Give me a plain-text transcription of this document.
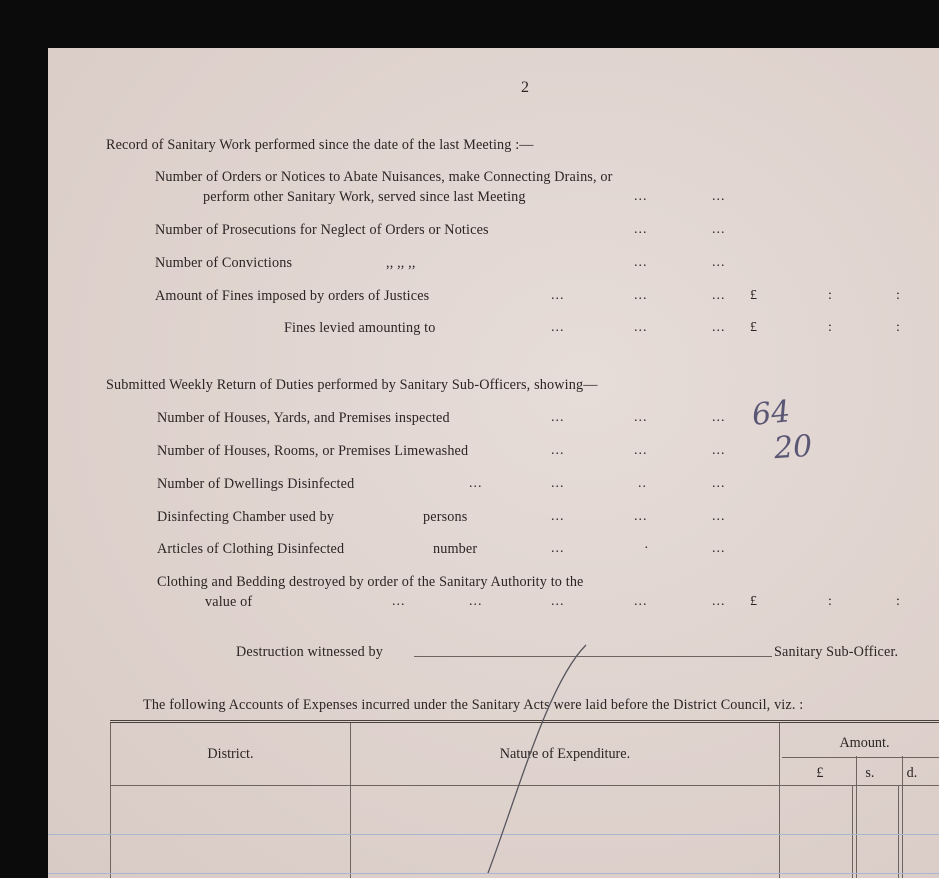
2
Record of Sanitary Work performed since the date of the last Meeting :—
Number of Orders or Notices to Abate Nuisances, make Connecting Drains, or
perform other Sanitary Work, served since last Meeting	...	...
Number of Prosecutions for Neglect of Orders or Notices	...	...
Number of Convictions	,, ,, ,,	...	...
Amount of Fines imposed by orders of Justices	...	...	... £	:	:
Fines levied amounting to	...	...	... £	:	:
Submitted Weekly Return of Duties performed by Sanitary Sub-Officers, showing—
Number of Houses, Yards, and Premises inspected	...	...	... 64
Number of Houses, Rooms, or Premises Limewashed	...	...	... 20
Number of Dwellings Disinfected	...	...	..	...
Disinfecting Chamber used by	persons	...	...	...
Articles of Clothing Disinfected	number	...	·	...
Clothing and Bedding destroyed by order of the Sanitary Authority to the
value of	...	...	...	...	... £	:	:
Destruction witnessed by	Sanitary Sub-Officer.
The following Accounts of Expenses incurred under the Sanitary Acts were laid before the District Council, viz. :
District.	Nature of Expenditure.	Amount.
£ s. d.
